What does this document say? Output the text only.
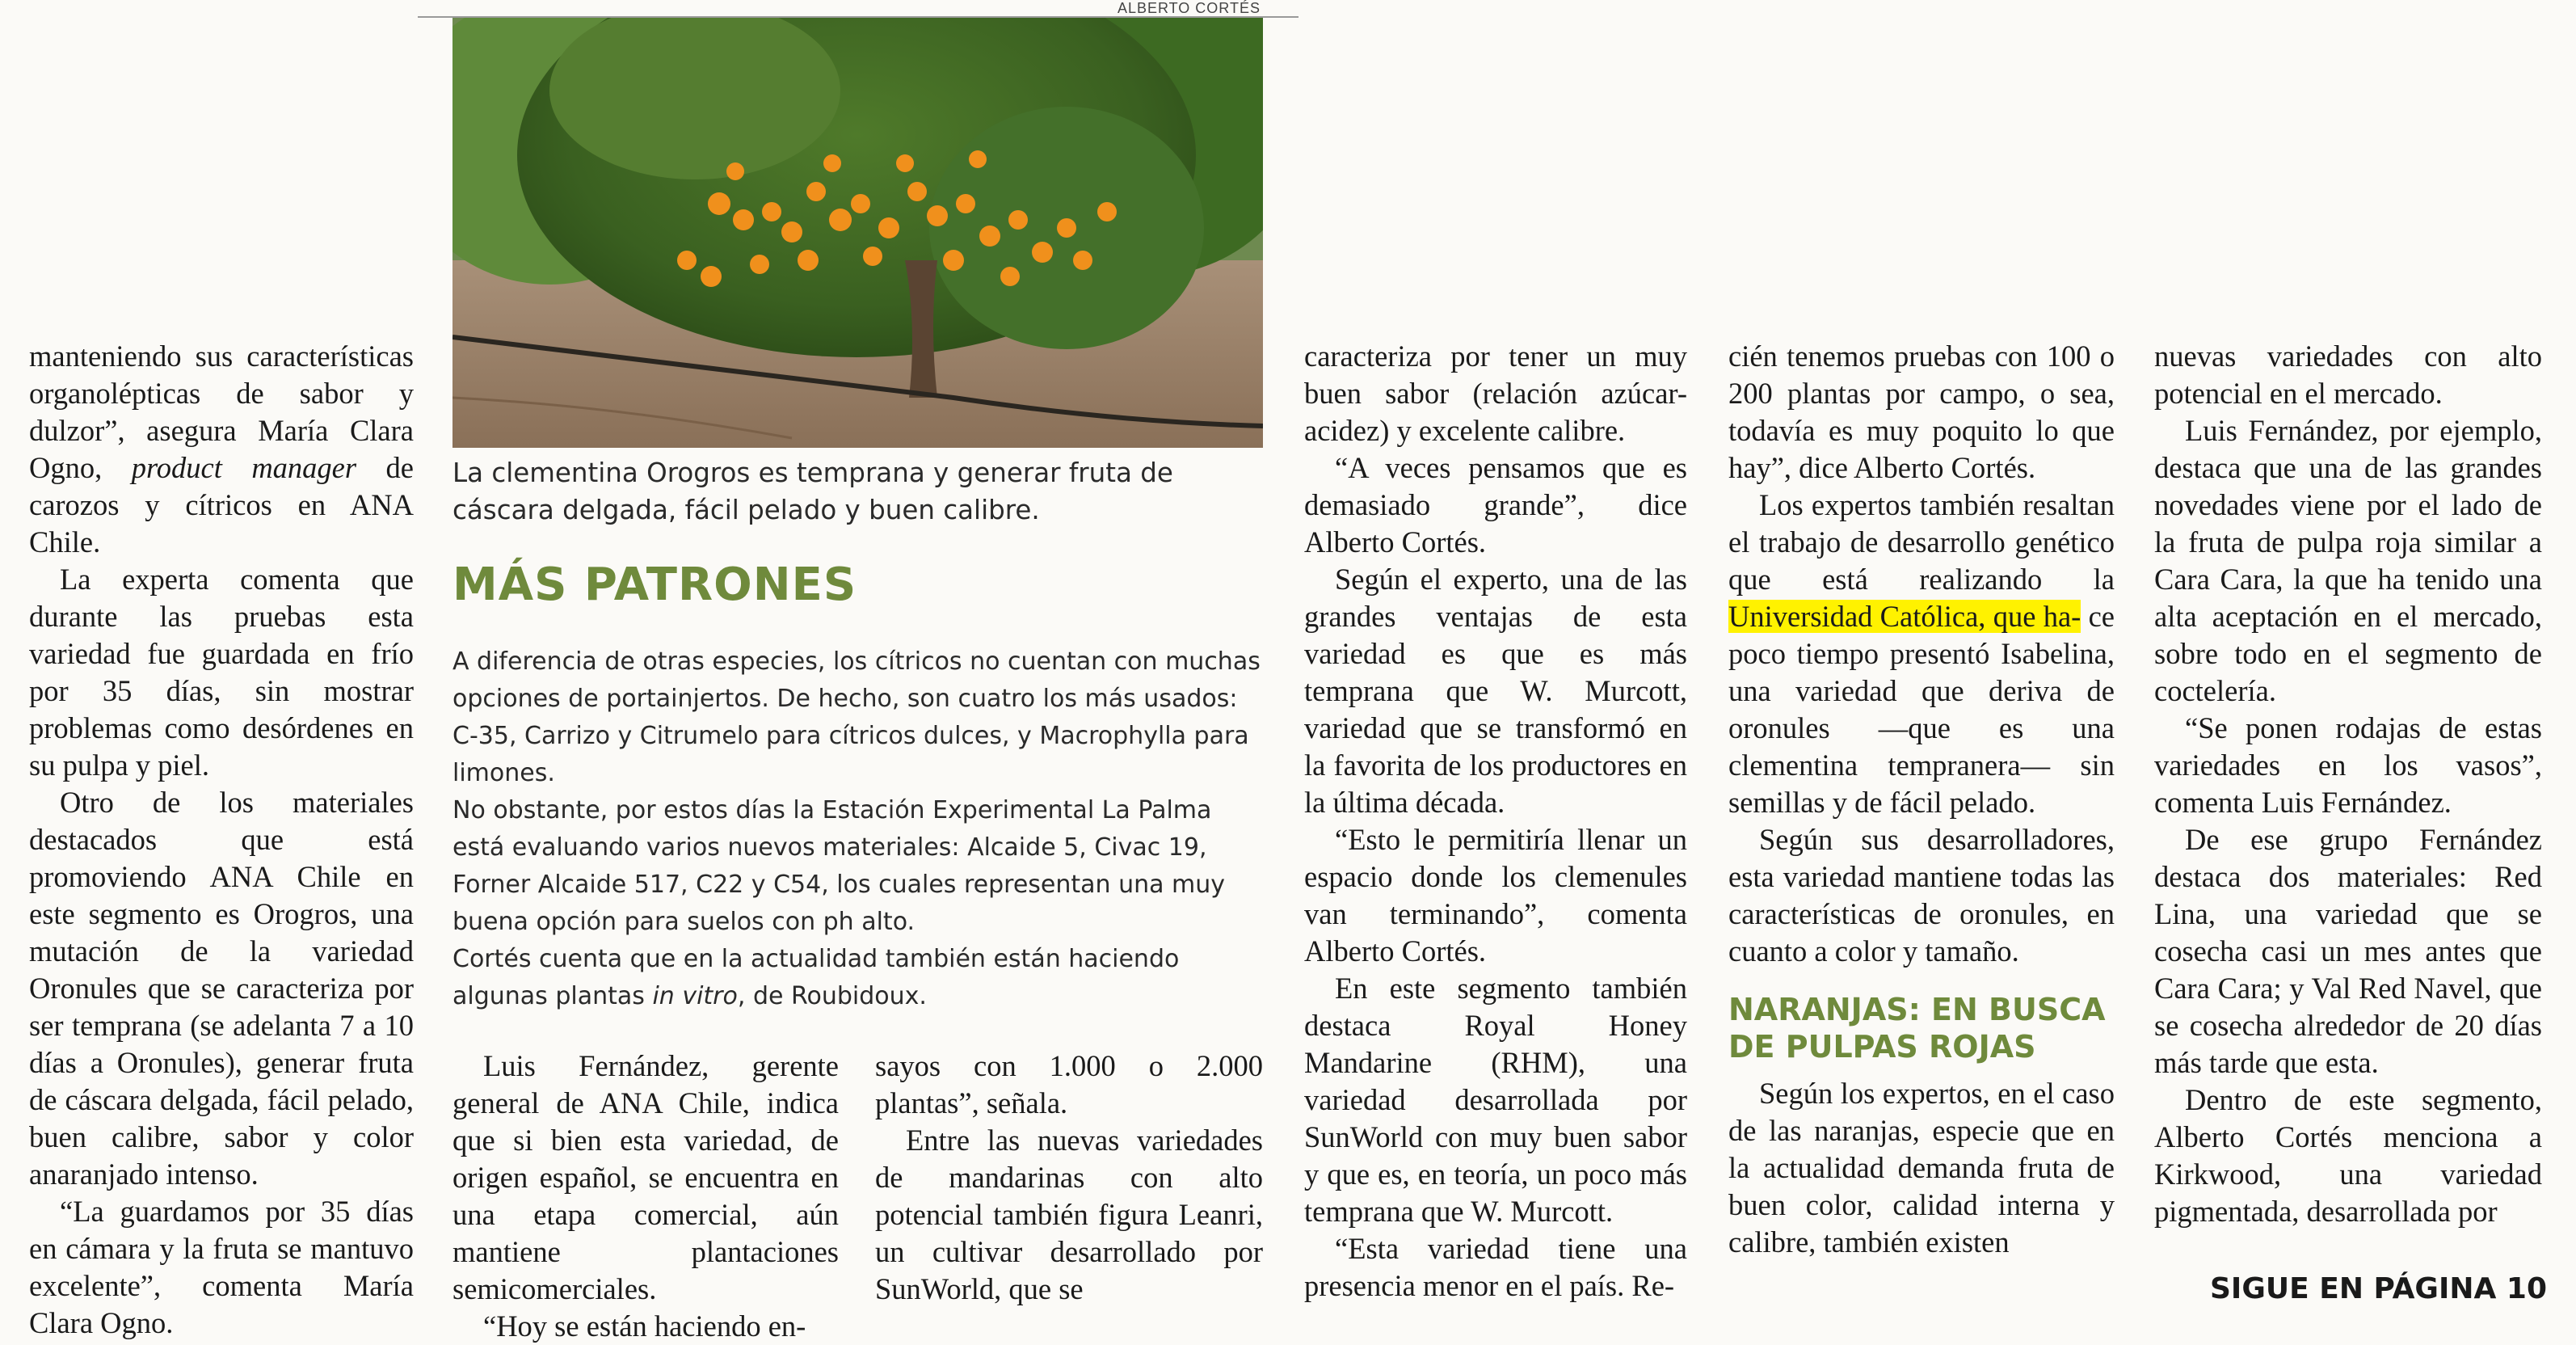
ALBERTO CORTÉS

La clementina Orogros es temprana y generar fruta de cáscara delgada, fácil pelado y buen calibre.

MÁS PATRONES

A diferencia de otras especies, los cítricos no cuentan con muchas opciones de portainjertos. De hecho, son cuatro los más usados: C-35, Carrizo y Citrumelo para cítricos dulces, y Macrophylla para limones.

No obstante, por estos días la Estación Experimental La Palma está evaluando varios nuevos materiales: Alcaide 5, Civac 19, Forner Alcaide 517, C22 y C54, los cuales representan una muy buena opción para suelos con ph alto.

Cortés cuenta que en la actualidad también están haciendo algunas plantas in vitro, de Roubidoux.

manteniendo sus características organolépticas de sabor y dulzor”, asegura María Clara Ogno, product manager de carozos y cítricos en ANA Chile.

La experta comenta que durante las pruebas esta variedad fue guardada en frío por 35 días, sin mostrar problemas como desórdenes en su pulpa y piel.

Otro de los materiales destacados que está promoviendo ANA Chile en este segmento es Orogros, una mutación de la variedad Oronules que se caracteriza por ser temprana (se adelanta 7 a 10 días a Oronules), generar fruta de cáscara delgada, fácil pelado, buen calibre, sabor y color anaranjado intenso.

“La guardamos por 35 días en cámara y la fruta se mantuvo excelente”, comenta María Clara Ogno.

Luis Fernández, gerente general de ANA Chile, indica que si bien esta variedad, de origen español, se encuentra en una etapa comercial, aún mantiene plantaciones semicomerciales.

“Hoy se están haciendo en-

sayos con 1.000 o 2.000 plantas”, señala.

Entre las nuevas variedades de mandarinas con alto potencial también figura Leanri, un cultivar desarrollado por SunWorld, que se

caracteriza por tener un muy buen sabor (relación azúcar-acidez) y excelente calibre.

“A veces pensamos que es demasiado grande”, dice Alberto Cortés.

Según el experto, una de las grandes ventajas de esta variedad es que es más temprana que W. Murcott, variedad que se transformó en la favorita de los productores en la última década.

“Esto le permitiría llenar un espacio donde los clemenules van terminando”, comenta Alberto Cortés.

En este segmento también destaca Royal Honey Mandarine (RHM), una variedad desarrollada por SunWorld con muy buen sabor y que es, en teoría, un poco más temprana que W. Murcott.

“Esta variedad tiene una presencia menor en el país. Re-

cién tenemos pruebas con 100 o 200 plantas por campo, o sea, todavía es muy poquito lo que hay”, dice Alberto Cortés.

Los expertos también resaltan el trabajo de desarrollo genético que está realizando la Universidad Católica, que ha- ce poco tiempo presentó Isabelina, una variedad que deriva de oronules —que es una clementina tempranera— sin semillas y de fácil pelado.

Según sus desarrolladores, esta variedad mantiene todas las características de oronules, en cuanto a color y tamaño.

NARANJAS: EN BUSCA DE PULPAS ROJAS

Según los expertos, en el caso de las naranjas, especie que en la actualidad demanda fruta de buen color, calidad interna y calibre, también existen

nuevas variedades con alto potencial en el mercado.

Luis Fernández, por ejemplo, destaca que una de las grandes novedades viene por el lado de la fruta de pulpa roja similar a Cara Cara, la que ha tenido una alta aceptación en el mercado, sobre todo en el segmento de coctelería.

“Se ponen rodajas de estas variedades en los vasos”, comenta Luis Fernández.

De ese grupo Fernández destaca dos materiales: Red Lina, una variedad que se cosecha casi un mes antes que Cara Cara; y Val Red Navel, que se cosecha alrededor de 20 días más tarde que esta.

Dentro de este segmento, Alberto Cortés menciona a Kirkwood, una variedad pigmentada, desarrollada por

SIGUE EN PÁGINA 10
